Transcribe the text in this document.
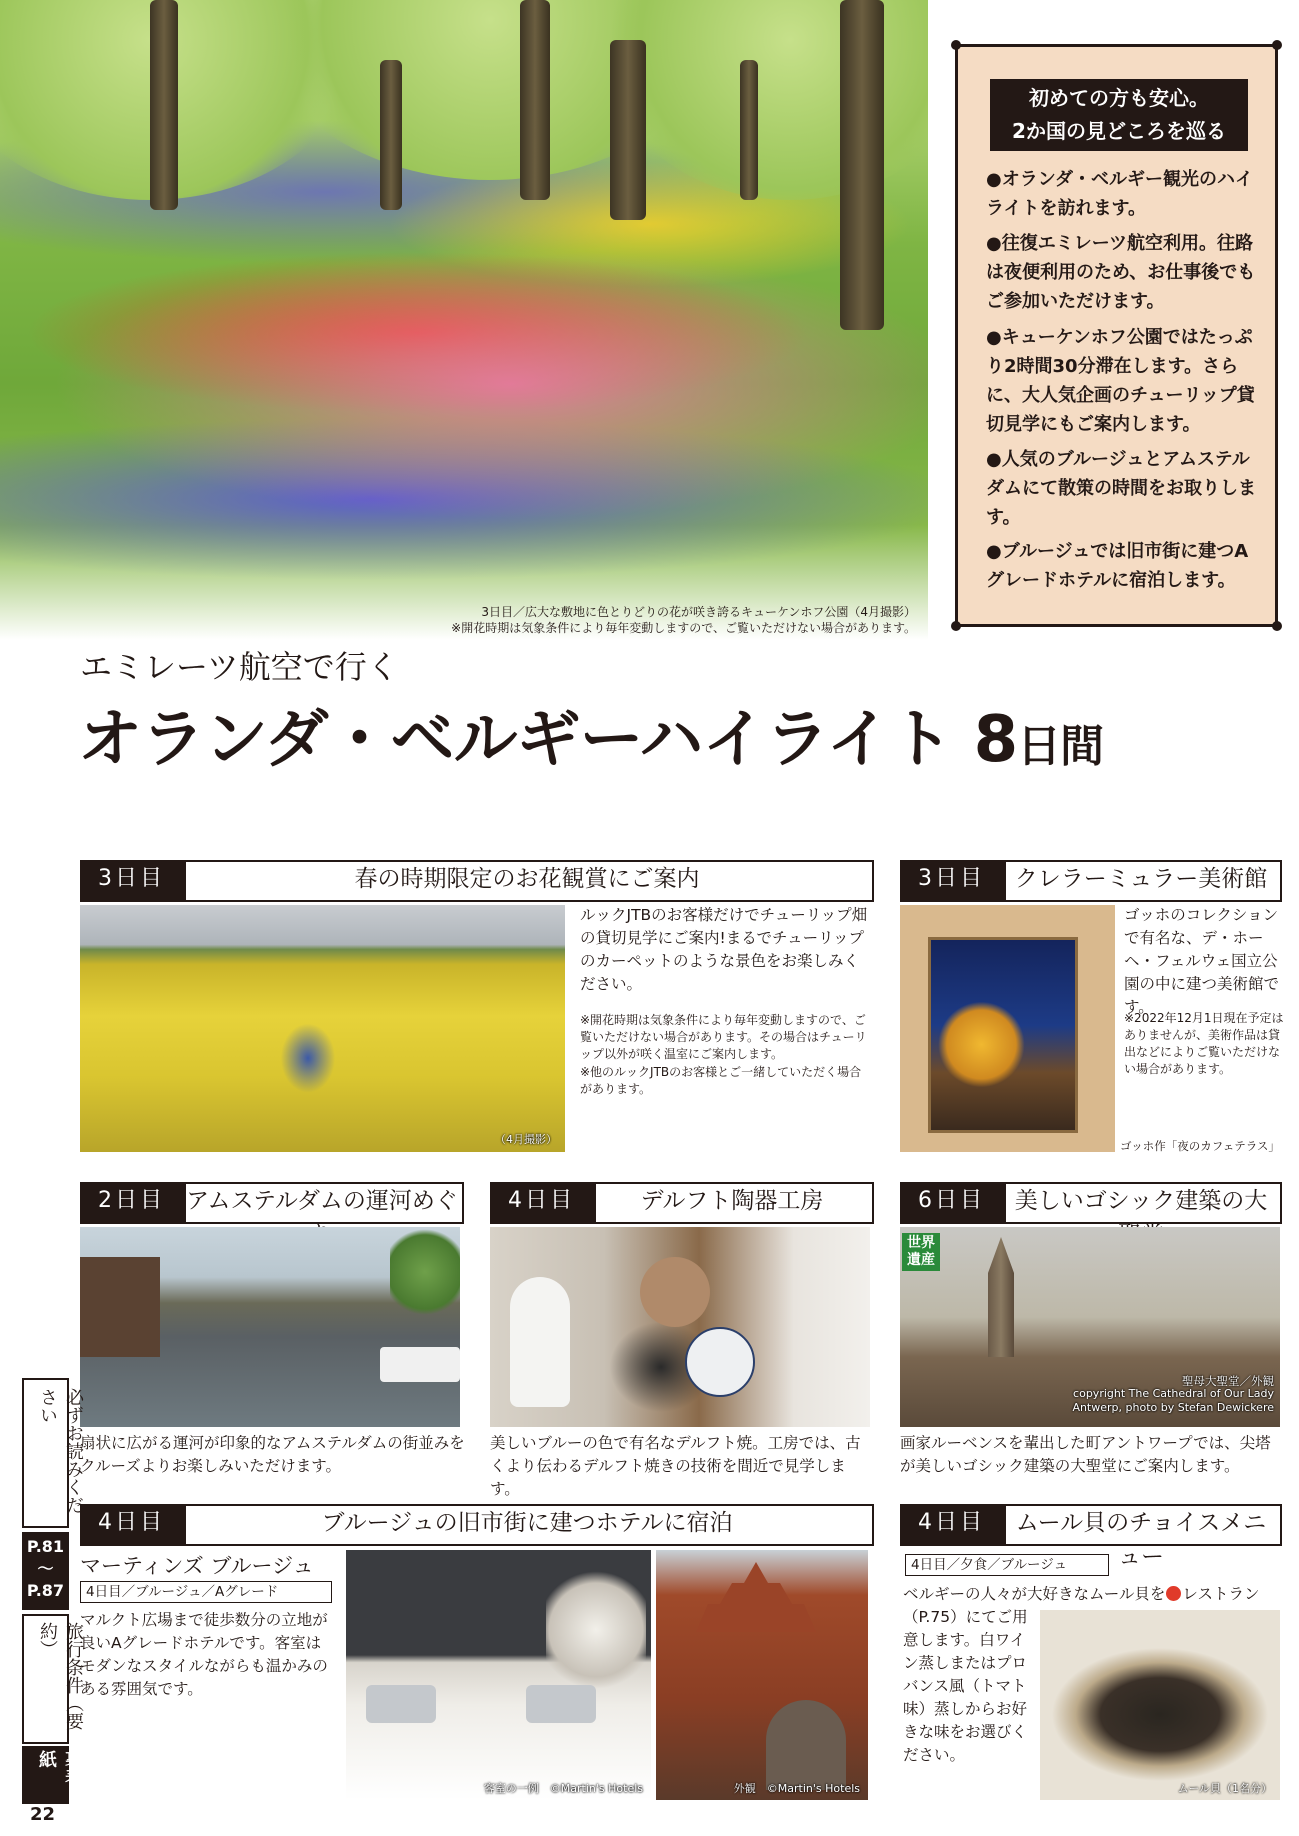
3日目／広大な敷地に色とりどりの花が咲き誇るキューケンホフ公園（4月撮影）
※開花時期は気象条件により毎年変動しますので、ご覧いただけない場合があります。
初めての方も安心。
2か国の見どころを巡る
●オランダ・ベルギー観光のハイライトを訪れます。
●往復エミレーツ航空利用。往路は夜便利用のため、お仕事後でもご参加いただけます。
●キューケンホフ公園ではたっぷり2時間30分滞在します。さらに、大人気企画のチューリップ貸切見学にもご案内します。
●人気のブルージュとアムステルダムにて散策の時間をお取りします。
●ブルージュでは旧市街に建つAグレードホテルに宿泊します。
エミレーツ航空で行く
オランダ・ベルギーハイライト 8日間
3日目	春の時期限定のお花観賞にご案内
（4月撮影）
ルックJTBのお客様だけでチューリップ畑の貸切見学にご案内!まるでチューリップのカーペットのような景色をお楽しみください。
※開花時期は気象条件により毎年変動しますので、ご覧いただけない場合があります。その場合はチューリップ以外が咲く温室にご案内します。
※他のルックJTBのお客様とご一緒していただく場合があります。
3日目	クレラーミュラー美術館
ゴッホのコレクションで有名な、デ・ホーヘ・フェルウェ国立公園の中に建つ美術館です。
※2022年12月1日現在予定はありませんが、美術作品は貸出などによりご覧いただけない場合があります。
ゴッホ作「夜のカフェテラス」
2日目 アムステルダムの運河めぐ
扇状に広がる運河が印象的なアムステルダムの街並みをクルーズよりお楽しみいただけます。
4日目	デルフト陶器工房
美しいブルーの色で有名なデルフト焼。工房では、古くより伝わるデルフト焼きの技術を間近で見学します。
6日目	美しいゴシック建築の大
世界遺産
聖母大聖堂／外観
copyright The Cathedral of Our Lady
Antwerp, photo by Stefan Dewickere
画家ルーベンスを輩出した町アントワープでは、尖塔が美しいゴシック建築の大聖堂にご案内します。
4日目	ブルージュの旧市街に建つホテルに宿泊
マーティンズ ブルージュ
4日目／ブルージュ／Aグレード
マルクト広場まで徒歩数分の立地が良いAグレードホテルです。客室はモダンなスタイルながらも温かみのある雰囲気です。
客室の一例　©Martin's Hotels	外観　©Martin's Hotels
4日目	ムール貝のチョイスメニュー
4日目／夕食／ブルージュ
ベルギーの人々が大好きなムール貝を レストラン
（P.75）にてご用意します。白ワイン蒸しまたはプロバンス風（トマト味）蒸しからお好きな味をお選びください。
ムール貝（1名分）
必ずお読みください
P.81
〜
P.87
旅行条件（要約）
裏表紙
22
